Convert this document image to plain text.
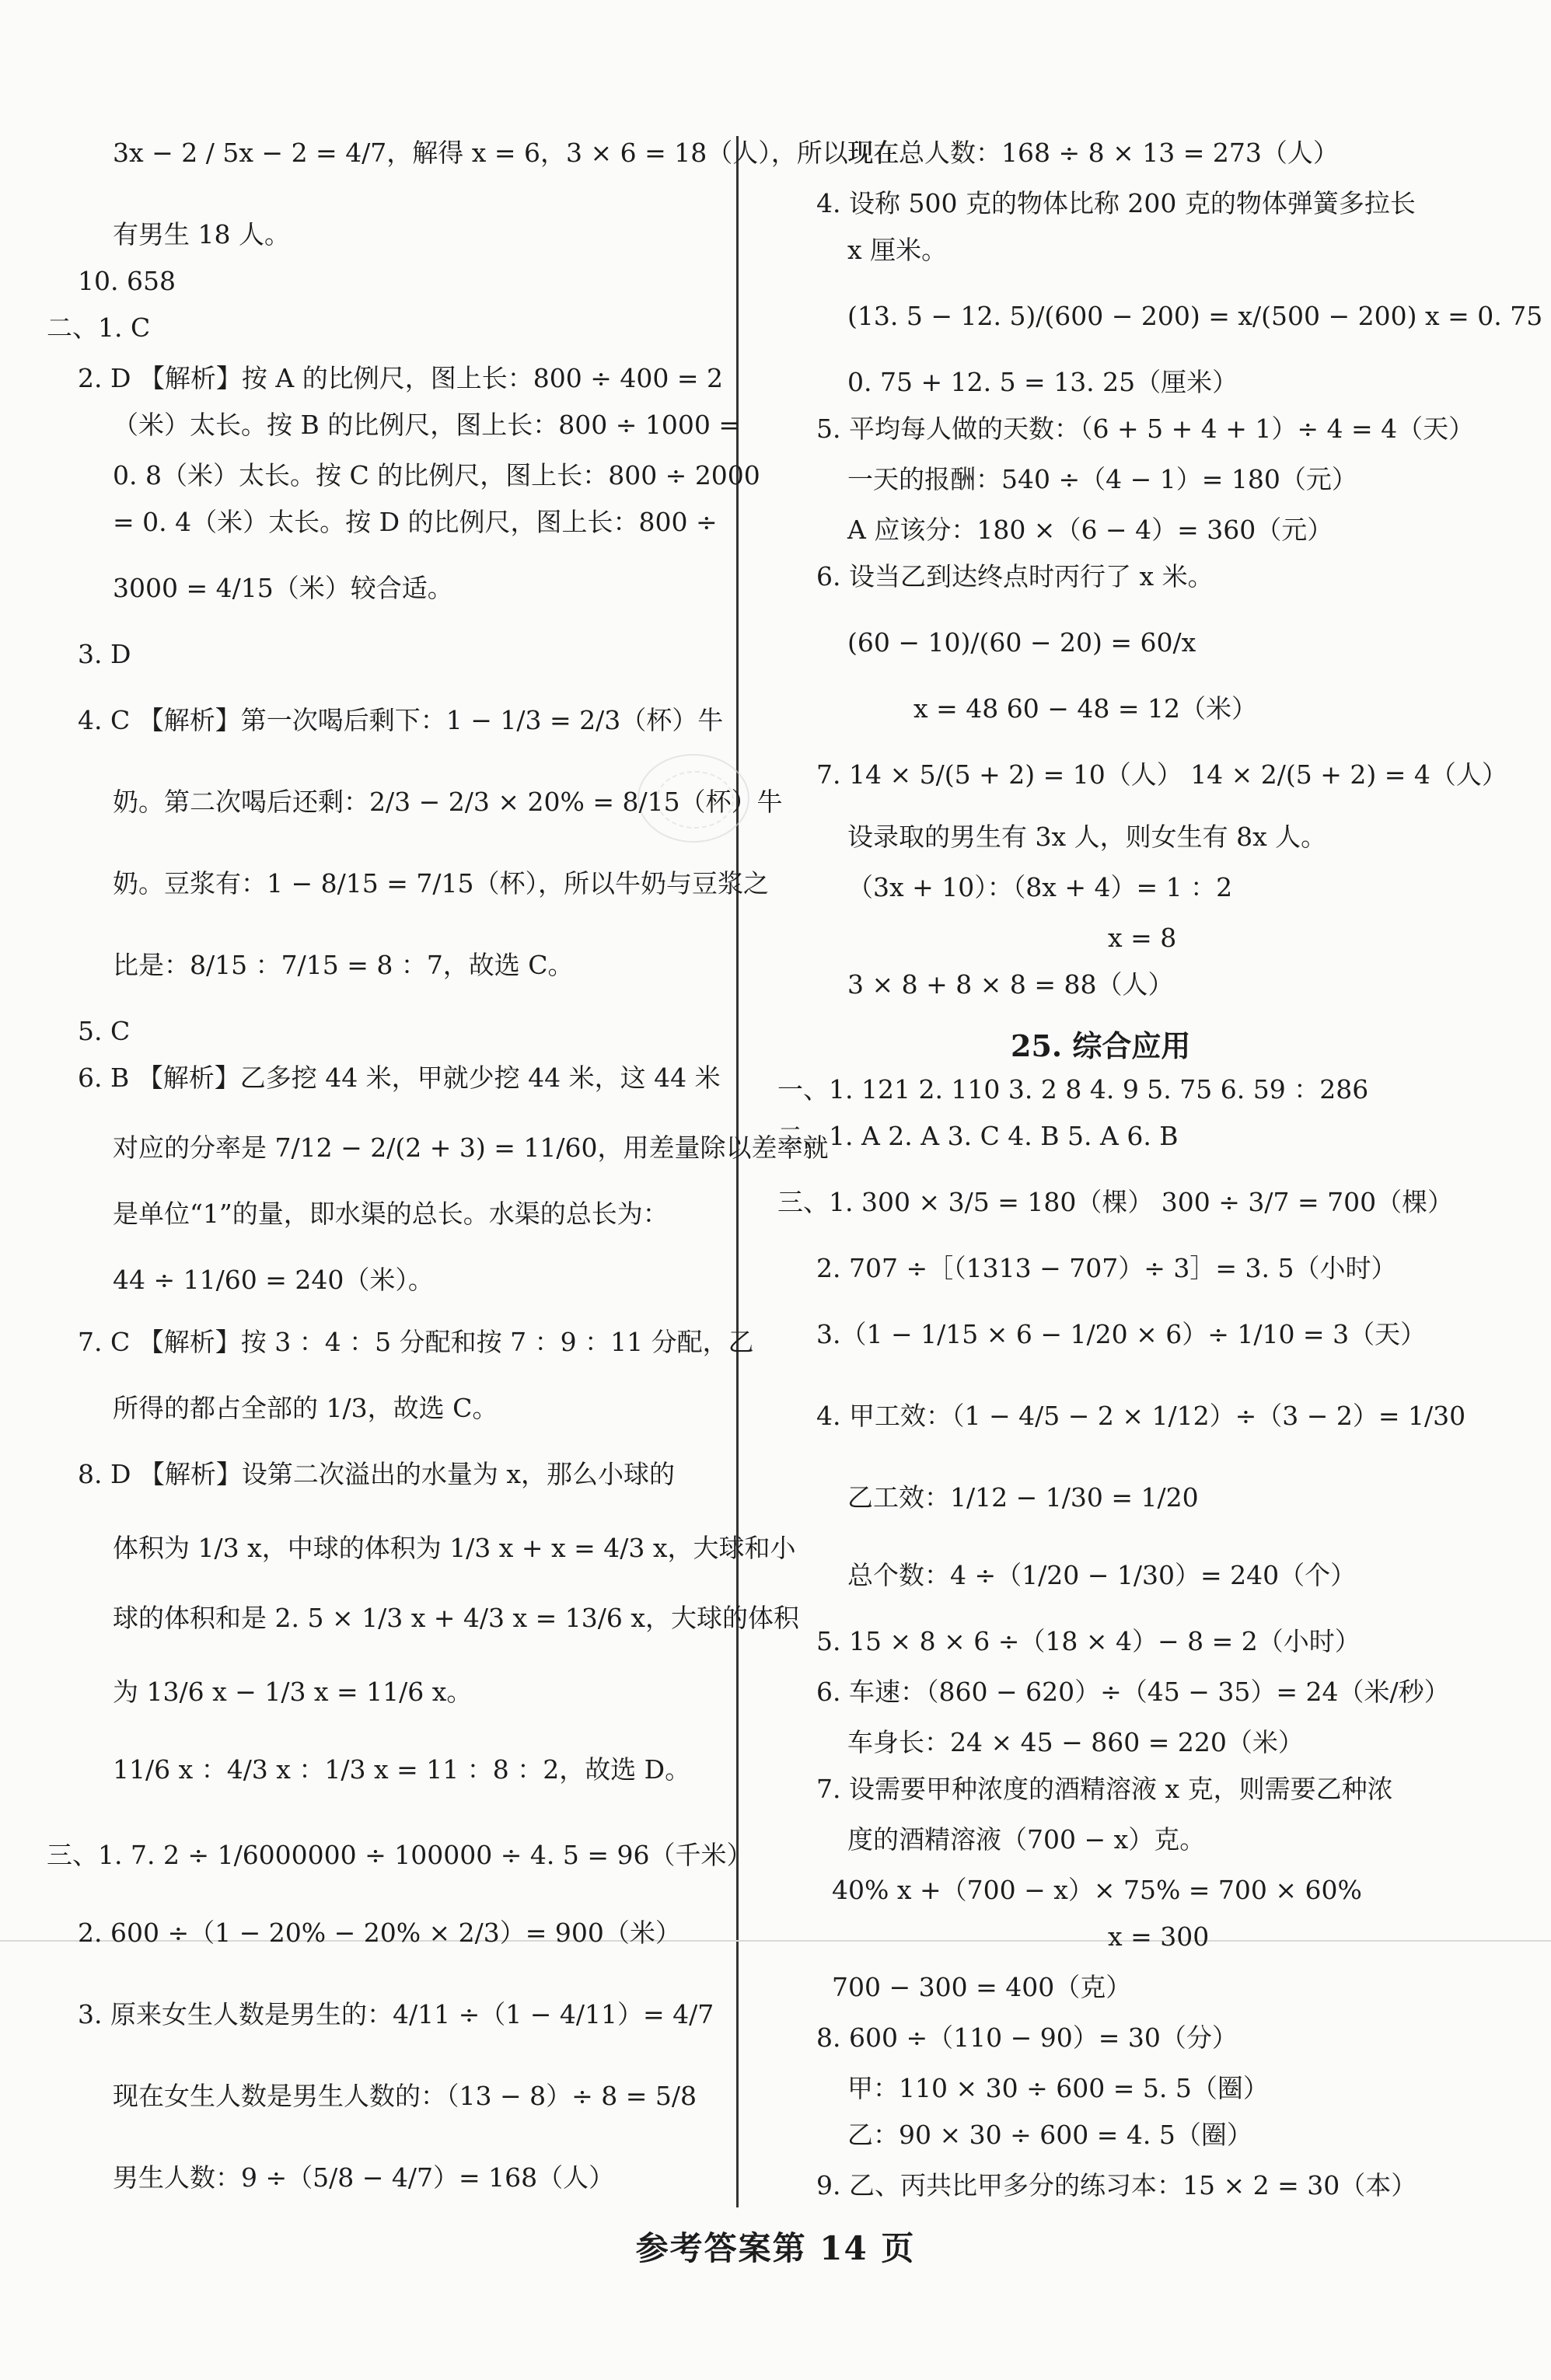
3x − 2 / 5x − 2 = 4/7，解得 x = 6，3 × 6 = 18（人），所以现在
有男生 18 人。
10. 658
二、1. C
2. D 【解析】按 A 的比例尺，图上长：800 ÷ 400 = 2
（米）太长。按 B 的比例尺，图上长：800 ÷ 1000 =
0. 8（米）太长。按 C 的比例尺，图上长：800 ÷ 2000
= 0. 4（米）太长。按 D 的比例尺，图上长：800 ÷
3000 = 4/15（米）较合适。
3. D
4. C 【解析】第一次喝后剩下：1 − 1/3 = 2/3（杯）牛
奶。第二次喝后还剩：2/3 − 2/3 × 20% = 8/15（杯）牛
奶。豆浆有：1 − 8/15 = 7/15（杯），所以牛奶与豆浆之
比是：8/15 ：7/15 = 8 ：7，故选 C。
5. C
6. B 【解析】乙多挖 44 米，甲就少挖 44 米，这 44 米
对应的分率是 7/12 − 2/(2 + 3) = 11/60，用差量除以差率就
是单位“1”的量，即水渠的总长。水渠的总长为：
44 ÷ 11/60 = 240（米）。
7. C 【解析】按 3 ：4 ：5 分配和按 7 ：9 ：11 分配，乙
所得的都占全部的 1/3，故选 C。
8. D 【解析】设第二次溢出的水量为 x，那么小球的
体积为 1/3 x，中球的体积为 1/3 x + x = 4/3 x，大球和小
球的体积和是 2. 5 × 1/3 x + 4/3 x = 13/6 x，大球的体积
为 13/6 x − 1/3 x = 11/6 x。
11/6 x ：4/3 x ：1/3 x = 11 ：8 ：2，故选 D。
三、1. 7. 2 ÷ 1/6000000 ÷ 100000 ÷ 4. 5 = 96（千米）
2. 600 ÷（1 − 20% − 20% × 2/3）= 900（米）
3. 原来女生人数是男生的：4/11 ÷（1 − 4/11）= 4/7
现在女生人数是男生人数的：（13 − 8）÷ 8 = 5/8
男生人数：9 ÷（5/8 − 4/7）= 168（人）
现在总人数：168 ÷ 8 × 13 = 273（人）
4. 设称 500 克的物体比称 200 克的物体弹簧多拉长
x 厘米。
(13. 5 − 12. 5)/(600 − 200) = x/(500 − 200) x = 0. 75
0. 75 + 12. 5 = 13. 25（厘米）
5. 平均每人做的天数：（6 + 5 + 4 + 1）÷ 4 = 4（天）
一天的报酬：540 ÷（4 − 1）= 180（元）
A 应该分：180 ×（6 − 4）= 360（元）
6. 设当乙到达终点时丙行了 x 米。
(60 − 10)/(60 − 20) = 60/x
x = 48 60 − 48 = 12（米）
7. 14 × 5/(5 + 2) = 10（人） 14 × 2/(5 + 2) = 4（人）
设录取的男生有 3x 人，则女生有 8x 人。
（3x + 10）：（8x + 4）= 1 ：2
x = 8
3 × 8 + 8 × 8 = 88（人）
25. 综合应用
一、1. 121 2. 110 3. 2 8 4. 9 5. 75 6. 59 ：286
二、1. A 2. A 3. C 4. B 5. A 6. B
三、1. 300 × 3/5 = 180（棵） 300 ÷ 3/7 = 700（棵）
2. 707 ÷［（1313 − 707）÷ 3］= 3. 5（小时）
3.（1 − 1/15 × 6 − 1/20 × 6）÷ 1/10 = 3（天）
4. 甲工效：（1 − 4/5 − 2 × 1/12）÷（3 − 2）= 1/30
乙工效：1/12 − 1/30 = 1/20
总个数：4 ÷（1/20 − 1/30）= 240（个）
5. 15 × 8 × 6 ÷（18 × 4）− 8 = 2（小时）
6. 车速：（860 − 620）÷（45 − 35）= 24（米/秒）
车身长：24 × 45 − 860 = 220（米）
7. 设需要甲种浓度的酒精溶液 x 克，则需要乙种浓
度的酒精溶液（700 − x）克。
40% x +（700 − x）× 75% = 700 × 60%
x = 300
700 − 300 = 400（克）
8. 600 ÷（110 − 90）= 30（分）
甲：110 × 30 ÷ 600 = 5. 5（圈）
乙：90 × 30 ÷ 600 = 4. 5（圈）
9. 乙、丙共比甲多分的练习本：15 × 2 = 30（本）
参考答案第 14 页
